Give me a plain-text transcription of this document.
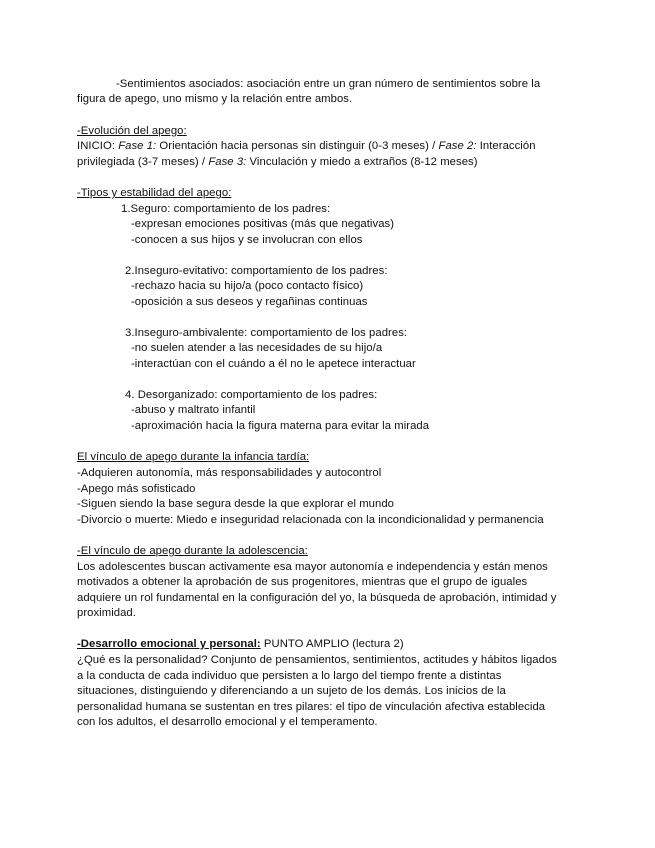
-Sentimientos asociados: asociación entre un gran número de sentimientos sobre la
figura de apego, uno mismo y la relación entre ambos.
-Evolución del apego:
INICIO: Fase 1: Orientación hacia personas sin distinguir (0-3 meses) / Fase 2: Interacción
privilegiada (3-7 meses) / Fase 3: Vinculación y miedo a extraños (8-12 meses)
-Tipos y estabilidad del apego:
1.Seguro: comportamiento de los padres:
-expresan emociones positivas (más que negativas)
-conocen a sus hijos y se involucran con ellos
2.Inseguro-evitativo: comportamiento de los padres:
-rechazo hacia su hijo/a (poco contacto físico)
-oposición a sus deseos y regañinas continuas
3.Inseguro-ambivalente: comportamiento de los padres:
-no suelen atender a las necesidades de su hijo/a
-interactúan con el cuándo a él no le apetece interactuar
4. Desorganizado: comportamiento de los padres:
-abuso y maltrato infantil
-aproximación hacia la figura materna para evitar la mirada
El vínculo de apego durante la infancia tardía:
-Adquieren autonomía, más responsabilidades y autocontrol
-Apego más sofisticado
-Siguen siendo la base segura desde la que explorar el mundo
-Divorcio o muerte: Miedo e inseguridad relacionada con la incondicionalidad y permanencia
-El vínculo de apego durante la adolescencia:
Los adolescentes buscan activamente esa mayor autonomía e independencia y están menos
motivados a obtener la aprobación de sus progenitores, mientras que el grupo de iguales
adquiere un rol fundamental en la configuración del yo, la búsqueda de aprobación, intimidad y
proximidad.
-Desarrollo emocional y personal: PUNTO AMPLIO (lectura 2)
¿Qué es la personalidad? Conjunto de pensamientos, sentimientos, actitudes y hábitos ligados
a la conducta de cada individuo que persisten a lo largo del tiempo frente a distintas
situaciones, distinguiendo y diferenciando a un sujeto de los demás. Los inicios de la
personalidad humana se sustentan en tres pilares: el tipo de vinculación afectiva establecida
con los adultos, el desarrollo emocional y el temperamento.
